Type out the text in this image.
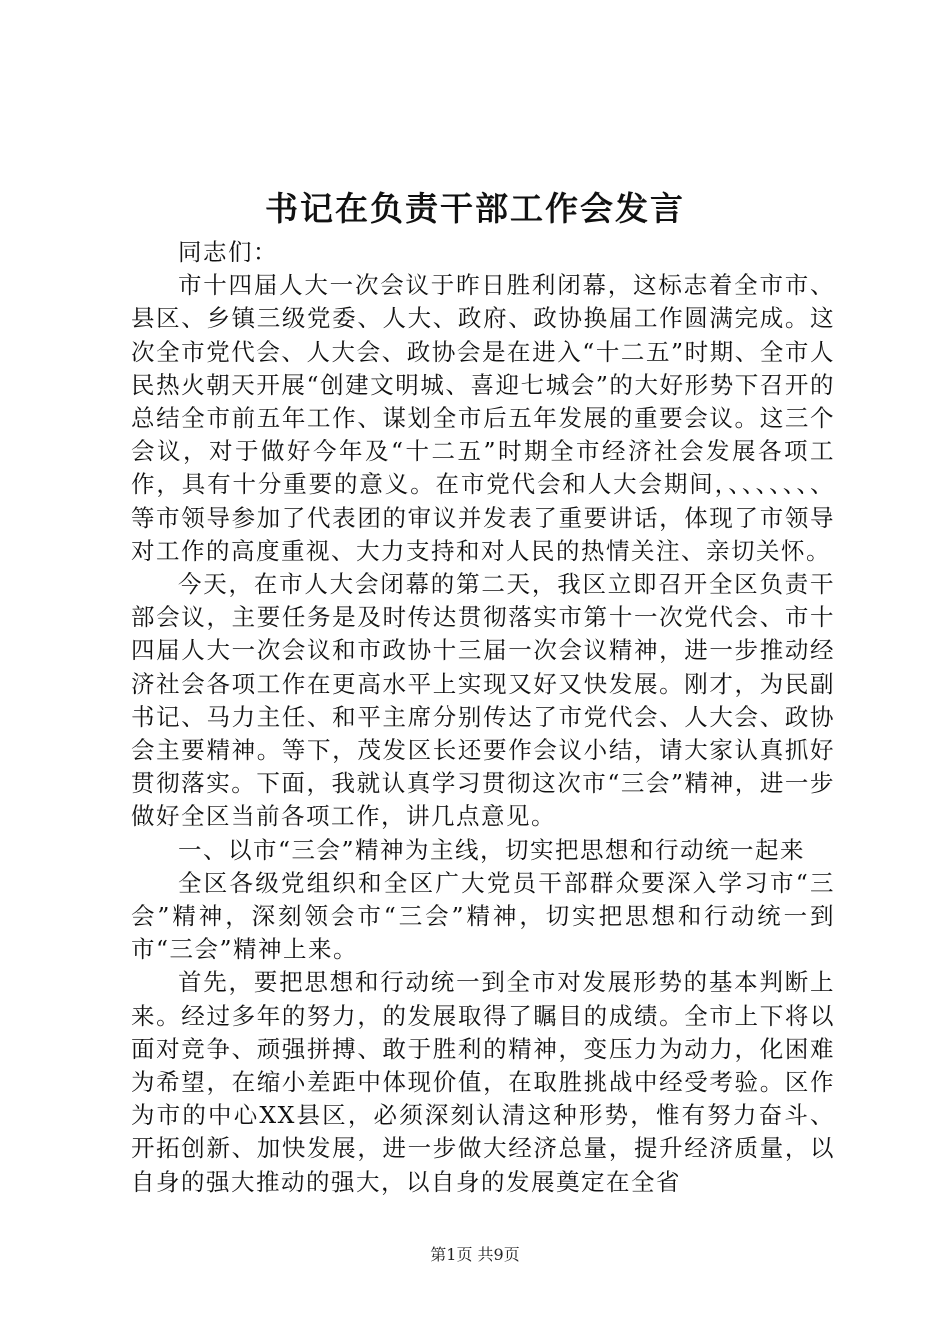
书记在负责干部工作会发言

同志们：

市十四届人大一次会议于昨日胜利闭幕，这标志着全市市、县区、乡镇三级党委、人大、政府、政协换届工作圆满完成。这次全市党代会、人大会、政协会是在进入“十二五”时期、全市人民热火朝天开展“创建文明城、喜迎七城会”的大好形势下召开的总结全市前五年工作、谋划全市后五年发展的重要会议。这三个会议，对于做好今年及“十二五”时期全市经济社会发展各项工作，具有十分重要的意义。在市党代会和人大会期间，、、、、、、、等市领导参加了代表团的审议并发表了重要讲话，体现了市领导对工作的高度重视、大力支持和对人民的热情关注、亲切关怀。

今天，在市人大会闭幕的第二天，我区立即召开全区负责干部会议，主要任务是及时传达贯彻落实市第十一次党代会、市十四届人大一次会议和市政协十三届一次会议精神，进一步推动经济社会各项工作在更高水平上实现又好又快发展。刚才，为民副书记、马力主任、和平主席分别传达了市党代会、人大会、政协会主要精神。等下，茂发区长还要作会议小结，请大家认真抓好贯彻落实。下面，我就认真学习贯彻这次市“三会”精神，进一步做好全区当前各项工作，讲几点意见。

一、以市“三会”精神为主线，切实把思想和行动统一起来

全区各级党组织和全区广大党员干部群众要深入学习市“三会”精神，深刻领会市“三会”精神，切实把思想和行动统一到市“三会”精神上来。

首先，要把思想和行动统一到全市对发展形势的基本判断上来。经过多年的努力，的发展取得了瞩目的成绩。全市上下将以面对竞争、顽强拼搏、敢于胜利的精神，变压力为动力，化困难为希望，在缩小差距中体现价值，在取胜挑战中经受考验。区作为市的中心XX县区，必须深刻认清这种形势，惟有努力奋斗、开拓创新、加快发展，进一步做大经济总量，提升经济质量，以自身的强大推动的强大，以自身的发展奠定在全省

第1页 共9页
